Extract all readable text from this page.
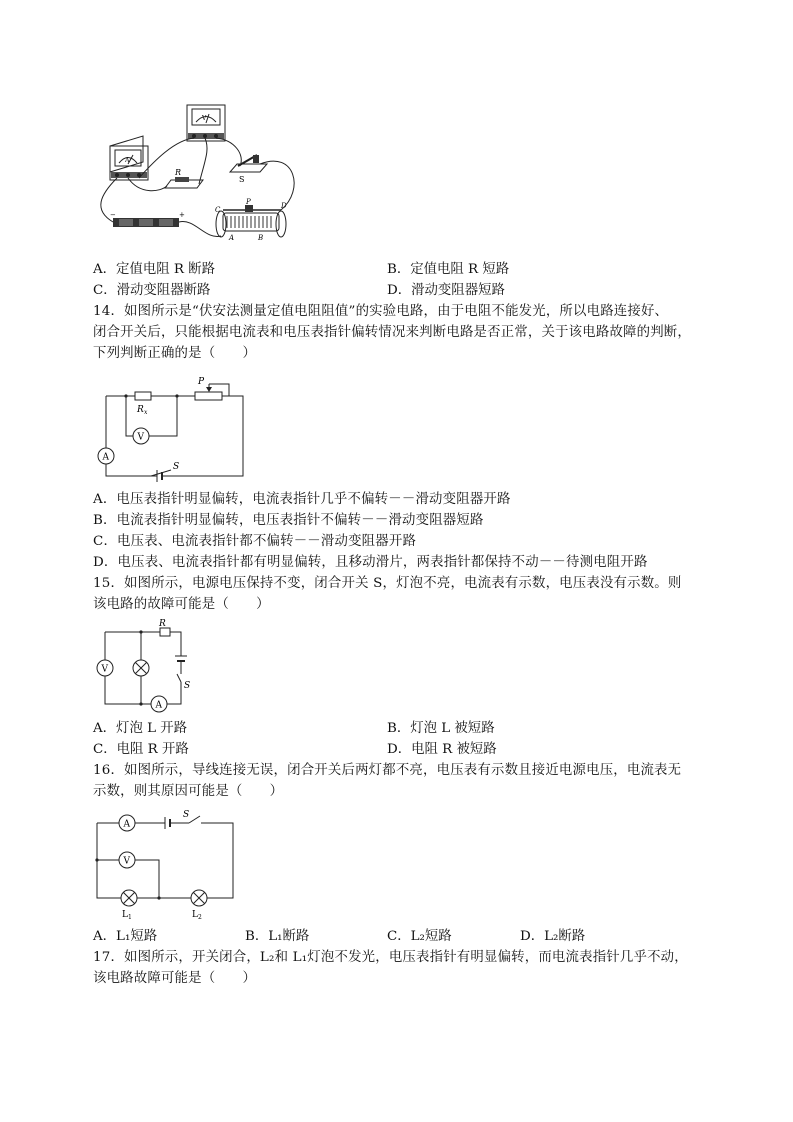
A
V
R
S
−	+
C
P	D
A	B
A．定值电阻 R 断路	B．定值电阻 R 短路
C．滑动变阻器断路	D．滑动变阻器短路
14．如图所示是“伏安法测量定值电阻阻值”的实验电路，由于电阻不能发光，所以电路连接好、
闭合开关后，只能根据电流表和电压表指针偏转情况来判断电路是否正常，关于该电路故障的判断，
下列判断正确的是（　　）
S
R x
P
V
A
A．电压表指针明显偏转，电流表指针几乎不偏转－－滑动变阻器开路
B．电流表指针明显偏转，电压表指针不偏转－－滑动变阻器短路
C．电压表、电流表指针都不偏转－－滑动变阻器开路
D．电压表、电流表指针都有明显偏转，且移动滑片，两表指针都保持不动－－待测电阻开路
15．如图所示，电源电压保持不变，闭合开关 S，灯泡不亮，电流表有示数，电压表没有示数。则
该电路的故障可能是（　　）
R
S
V
A
A．灯泡 L 开路	B．灯泡 L 被短路
C．电阻 R 开路	D．电阻 R 被短路
16．如图所示，导线连接无误，闭合开关后两灯都不亮，电压表有示数且接近电源电压，电流表无
示数，则其原因可能是（　　）
A
S
V
L 1	L 2
A．L₁短路	B．L₁断路	C．L₂短路	D．L₂断路
17．如图所示，开关闭合，L₂和 L₁灯泡不发光，电压表指针有明显偏转，而电流表指针几乎不动，
该电路故障可能是（　　）
